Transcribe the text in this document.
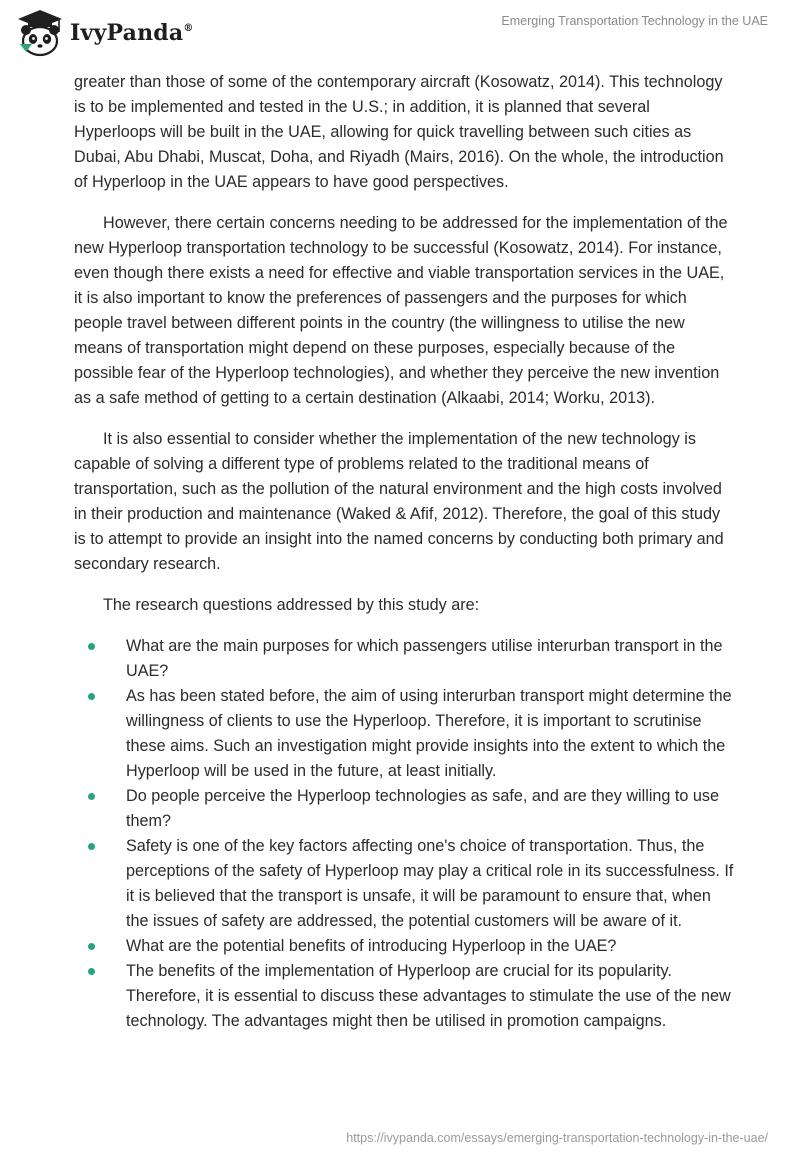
IvyPanda®
Emerging Transportation Technology in the UAE

greater than those of some of the contemporary aircraft (Kosowatz, 2014). This technology is to be implemented and tested in the U.S.; in addition, it is planned that several Hyperloops will be built in the UAE, allowing for quick travelling between such cities as Dubai, Abu Dhabi, Muscat, Doha, and Riyadh (Mairs, 2016). On the whole, the introduction of Hyperloop in the UAE appears to have good perspectives.

However, there certain concerns needing to be addressed for the implementation of the new Hyperloop transportation technology to be successful (Kosowatz, 2014). For instance, even though there exists a need for effective and viable transportation services in the UAE, it is also important to know the preferences of passengers and the purposes for which people travel between different points in the country (the willingness to utilise the new means of transportation might depend on these purposes, especially because of the possible fear of the Hyperloop technologies), and whether they perceive the new invention as a safe method of getting to a certain destination (Alkaabi, 2014; Worku, 2013).

It is also essential to consider whether the implementation of the new technology is capable of solving a different type of problems related to the traditional means of transportation, such as the pollution of the natural environment and the high costs involved in their production and maintenance (Waked & Afif, 2012). Therefore, the goal of this study is to attempt to provide an insight into the named concerns by conducting both primary and secondary research.

The research questions addressed by this study are:

What are the main purposes for which passengers utilise interurban transport in the UAE?
As has been stated before, the aim of using interurban transport might determine the willingness of clients to use the Hyperloop. Therefore, it is important to scrutinise these aims. Such an investigation might provide insights into the extent to which the Hyperloop will be used in the future, at least initially.
Do people perceive the Hyperloop technologies as safe, and are they willing to use them?
Safety is one of the key factors affecting one's choice of transportation. Thus, the perceptions of the safety of Hyperloop may play a critical role in its successfulness. If it is believed that the transport is unsafe, it will be paramount to ensure that, when the issues of safety are addressed, the potential customers will be aware of it.
What are the potential benefits of introducing Hyperloop in the UAE?
The benefits of the implementation of Hyperloop are crucial for its popularity. Therefore, it is essential to discuss these advantages to stimulate the use of the new technology. The advantages might then be utilised in promotion campaigns.
https://ivypanda.com/essays/emerging-transportation-technology-in-the-uae/
